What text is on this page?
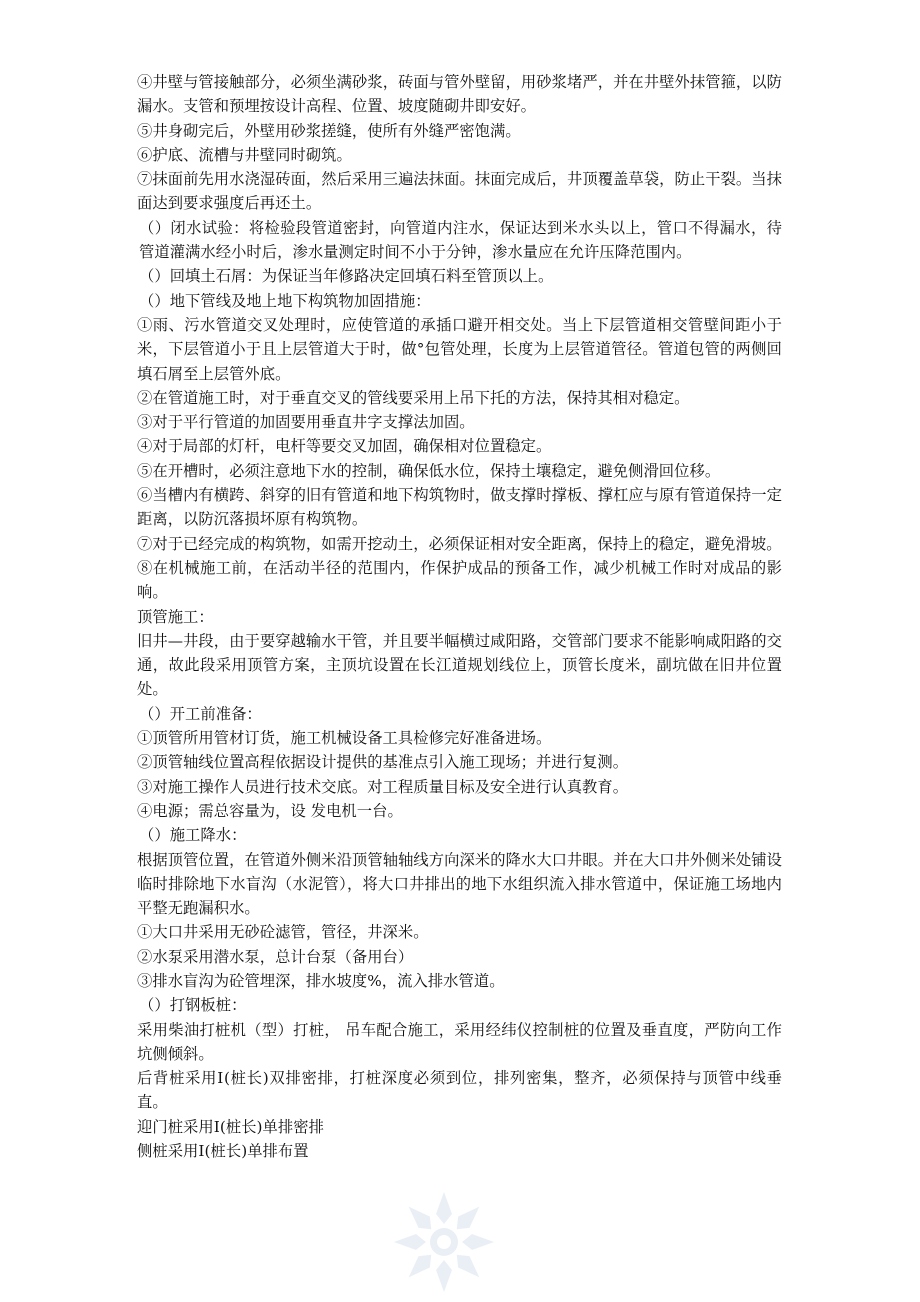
④井壁与管接触部分，必须坐满砂浆，砖面与管外壁留，用砂浆堵严，并在井壁外抹管箍，以防漏水。支管和预埋按设计高程、位置、坡度随砌井即安好。

⑤井身砌完后，外壁用砂浆搓缝，使所有外缝严密饱满。

⑥护底、流槽与井壁同时砌筑。

⑦抹面前先用水浇湿砖面，然后采用三遍法抹面。抹面完成后，井顶覆盖草袋，防止干裂。当抹面达到要求强度后再还土。

（）闭水试验：将检验段管道密封，向管道内注水，保证达到米水头以上，管口不得漏水，待管道灌满水经小时后，渗水量测定时间不小于分钟，渗水量应在允许压降范围内。

（）回填土石屑：为保证当年修路决定回填石料至管顶以上。

（）地下管线及地上地下构筑物加固措施：

①雨、污水管道交叉处理时，应使管道的承插口避开相交处。当上下层管道相交管壁间距小于米，下层管道小于且上层管道大于时，做°包管处理，长度为上层管道管径。管道包管的两侧回填石屑至上层管外底。

②在管道施工时，对于垂直交叉的管线要采用上吊下托的方法，保持其相对稳定。

③对于平行管道的加固要用垂直井字支撑法加固。

④对于局部的灯杆，电杆等要交叉加固，确保相对位置稳定。

⑤在开槽时，必须注意地下水的控制，确保低水位，保持土壤稳定，避免侧滑回位移。

⑥当槽内有横跨、斜穿的旧有管道和地下构筑物时，做支撑时撑板、撑杠应与原有管道保持一定距离，以防沉落损坏原有构筑物。

⑦对于已经完成的构筑物，如需开挖动土，必须保证相对安全距离，保持上的稳定，避免滑坡。

⑧在机械施工前，在活动半径的范围内，作保护成品的预备工作，减少机械工作时对成品的影响。

顶管施工：

旧井—井段，由于要穿越输水干管，并且要半幅横过咸阳路，交管部门要求不能影响咸阳路的交通，故此段采用顶管方案，主顶坑设置在长江道规划线位上，顶管长度米，副坑做在旧井位置处。

（）开工前准备：

①顶管所用管材订货，施工机械设备工具检修完好准备进场。

②顶管轴线位置高程依据设计提供的基准点引入施工现场；并进行复测。

③对施工操作人员进行技术交底。对工程质量目标及安全进行认真教育。

④电源；需总容量为，设 发电机一台。

（）施工降水：

根据顶管位置，在管道外侧米沿顶管轴轴线方向深米的降水大口井眼。并在大口井外侧米处铺设临时排除地下水盲沟（水泥管），将大口井排出的地下水组织流入排水管道中，保证施工场地内平整无跑漏积水。

①大口井采用无砂砼滤管，管径，井深米。

②水泵采用潜水泵，总计台泵（备用台）

③排水盲沟为砼管埋深，排水坡度%，流入排水管道。

（）打钢板桩：

采用柴油打桩机（型）打桩， 吊车配合施工，采用经纬仪控制桩的位置及垂直度，严防向工作坑侧倾斜。

后背桩采用Ⅰ(桩长)双排密排，打桩深度必须到位，排列密集，整齐，必须保持与顶管中线垂直。

迎门桩采用Ⅰ(桩长)单排密排

侧桩采用Ⅰ(桩长)单排布置
